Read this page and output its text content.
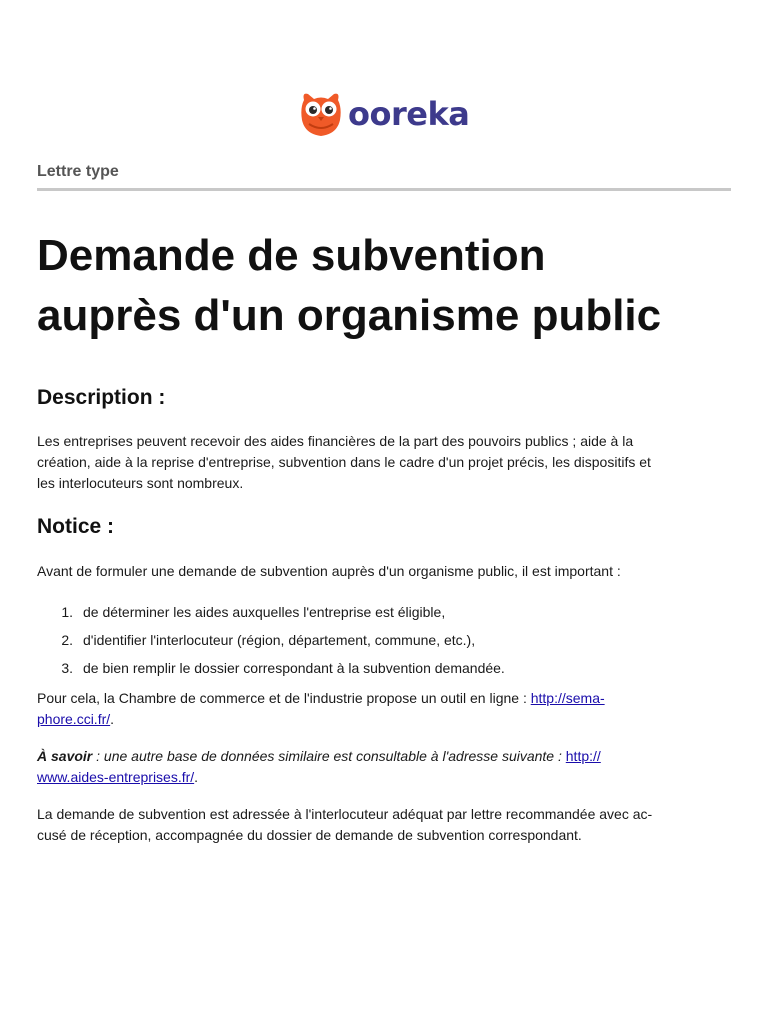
ooreka
Lettre type
Demande de subvention
auprès d'un organisme public
Description :

Les entreprises peuvent recevoir des aides financières de la part des pouvoirs publics ; aide à la
création, aide à la reprise d'entreprise, subvention dans le cadre d'un projet précis, les dispositifs et
les interlocuteurs sont nombreux.

Notice :

Avant de formuler une demande de subvention auprès d'un organisme public, il est important :

1. de déterminer les aides auxquelles l'entreprise est éligible,
2. d'identifier l'interlocuteur (région, département, commune, etc.),
3. de bien remplir le dossier correspondant à la subvention demandée.

Pour cela, la Chambre de commerce et de l'industrie propose un outil en ligne : http://sema-
phore.cci.fr/.

À savoir : une autre base de données similaire est consultable à l'adresse suivante : http://
www.aides-entreprises.fr/.

La demande de subvention est adressée à l'interlocuteur adéquat par lettre recommandée avec ac-
cusé de réception, accompagnée du dossier de demande de subvention correspondant.
